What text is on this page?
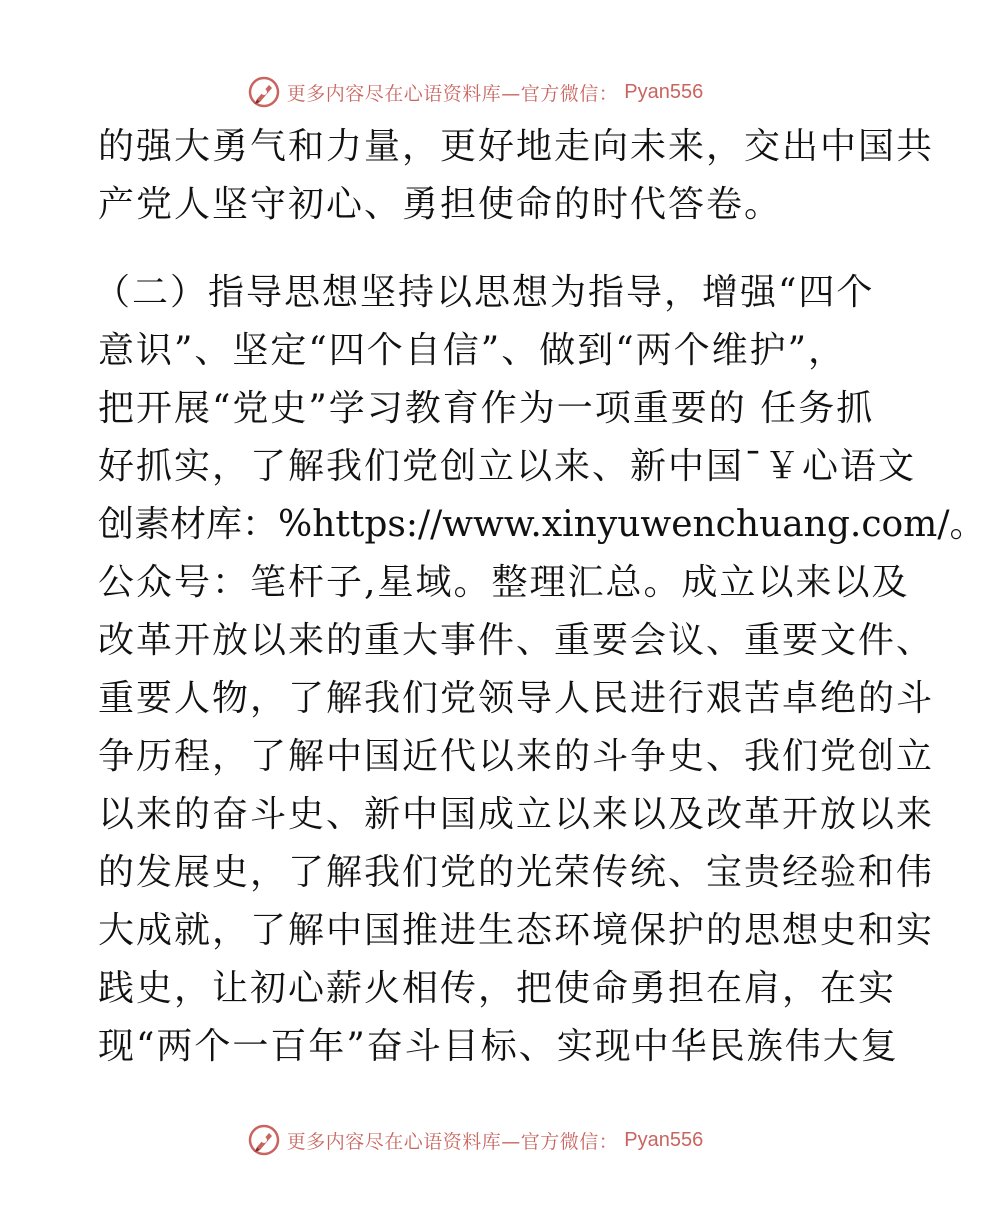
更多内容尽在心语资料库—官方微信： Pyan556
的强大勇气和力量，更好地走向未来，交出中国共
产党人坚守初心、勇担使命的时代答卷。
（二）指导思想坚持以思想为指导，增强“四个
意识”、坚定“四个自信”、做到“两个维护”，
把开展“党史”学习教育作为一项重要的 任务抓
好抓实，了解我们党创立以来、新中国¯￥心语文
创素材库：%https://www.xinyuwenchuang.com/。
公众号：笔杆子,星域。整理汇总。成立以来以及
改革开放以来的重大事件、重要会议、重要文件、
重要人物，了解我们党领导人民进行艰苦卓绝的斗
争历程，了解中国近代以来的斗争史、我们党创立
以来的奋斗史、新中国成立以来以及改革开放以来
的发展史，了解我们党的光荣传统、宝贵经验和伟
大成就，了解中国推进生态环境保护的思想史和实
践史，让初心薪火相传，把使命勇担在肩，在实
现“两个一百年”奋斗目标、实现中华民族伟大复
更多内容尽在心语资料库—官方微信： Pyan556
